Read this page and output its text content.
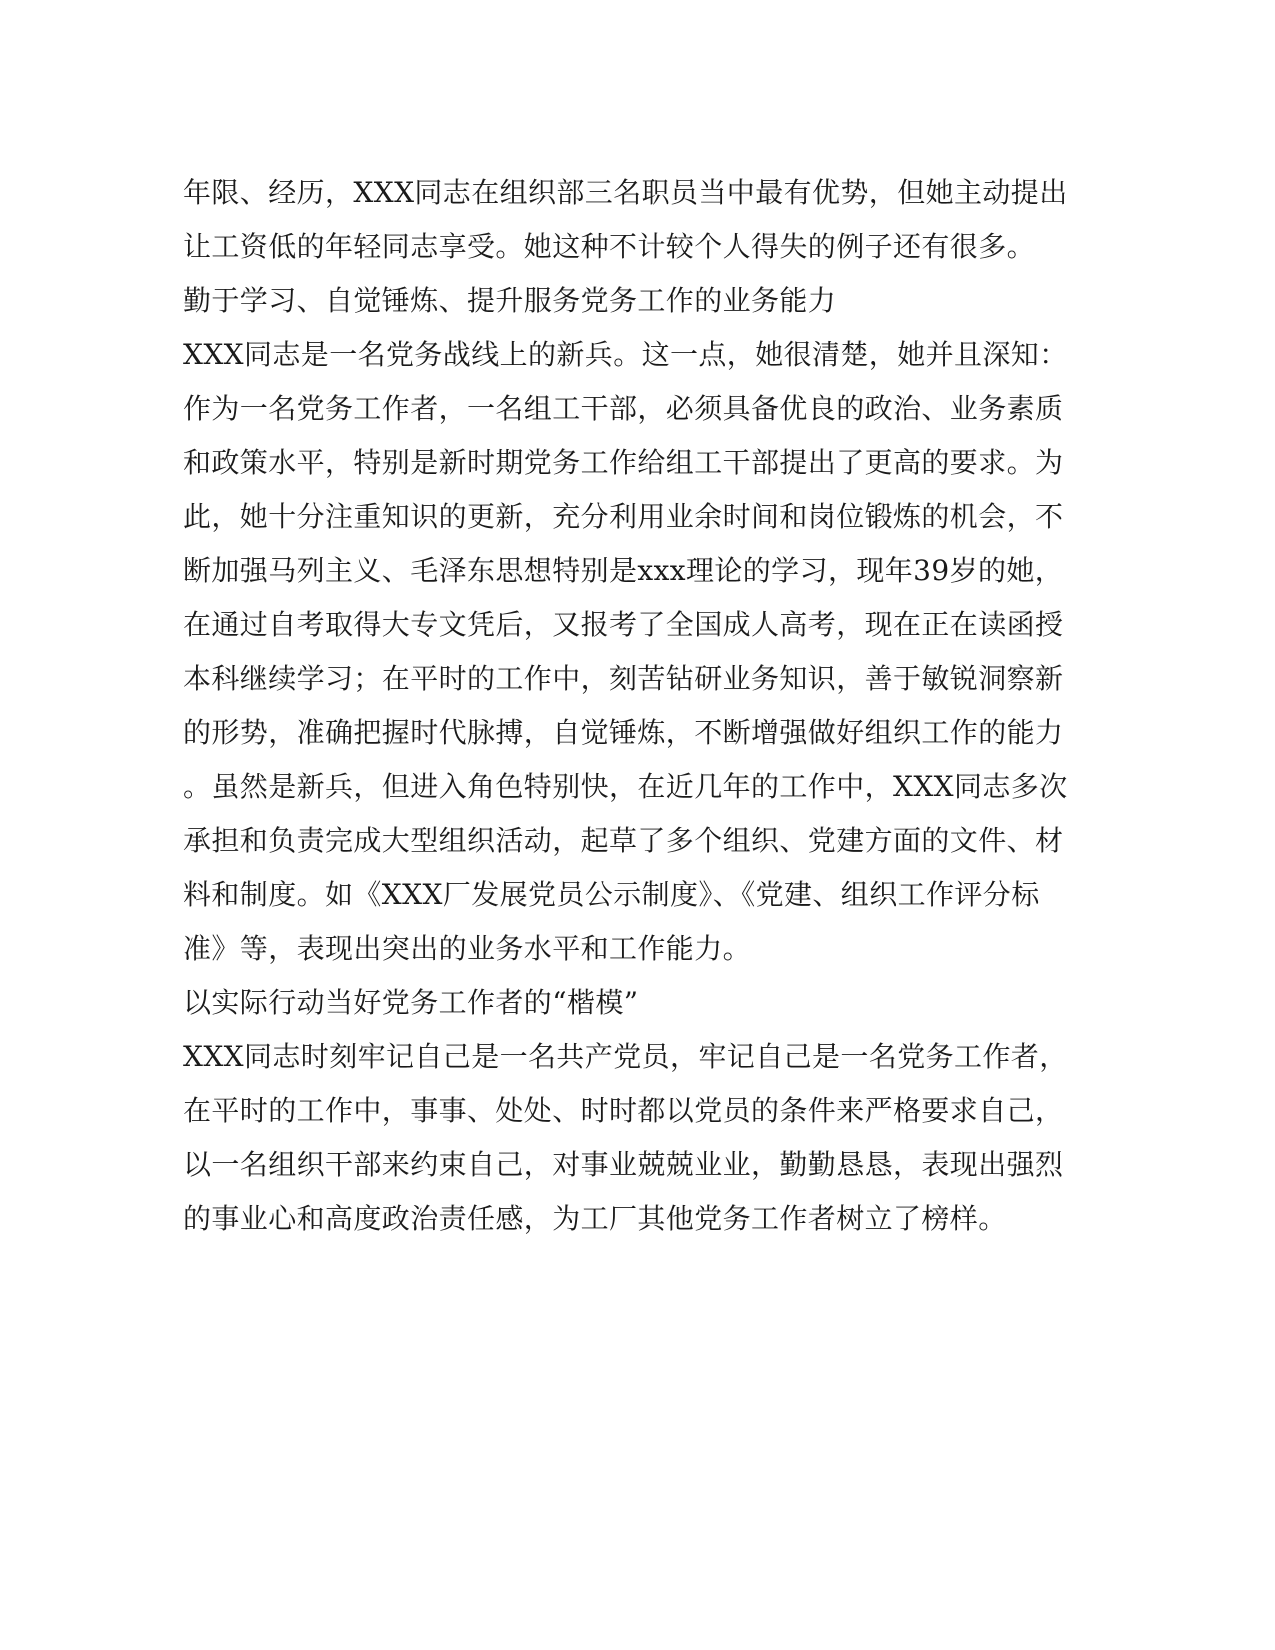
年限、经历，XXX同志在组织部三名职员当中最有优势，但她主动提出
让工资低的年轻同志享受。她这种不计较个人得失的例子还有很多。
勤于学习、自觉锤炼、提升服务党务工作的业务能力
XXX同志是一名党务战线上的新兵。这一点，她很清楚，她并且深知：
作为一名党务工作者，一名组工干部，必须具备优良的政治、业务素质
和政策水平，特别是新时期党务工作给组工干部提出了更高的要求。为
此，她十分注重知识的更新，充分利用业余时间和岗位锻炼的机会，不
断加强马列主义、毛泽东思想特别是xxx理论的学习，现年39岁的她，
在通过自考取得大专文凭后，又报考了全国成人高考，现在正在读函授
本科继续学习；在平时的工作中，刻苦钻研业务知识，善于敏锐洞察新
的形势，准确把握时代脉搏，自觉锤炼，不断增强做好组织工作的能力
。虽然是新兵，但进入角色特别快，在近几年的工作中，XXX同志多次
承担和负责完成大型组织活动，起草了多个组织、党建方面的文件、材
料和制度。如《XXX厂发展党员公示制度》、《党建、组织工作评分标
准》等，表现出突出的业务水平和工作能力。
以实际行动当好党务工作者的“楷模”
XXX同志时刻牢记自己是一名共产党员，牢记自己是一名党务工作者，
在平时的工作中，事事、处处、时时都以党员的条件来严格要求自己，
以一名组织干部来约束自己，对事业兢兢业业，勤勤恳恳，表现出强烈
的事业心和高度政治责任感，为工厂其他党务工作者树立了榜样。
